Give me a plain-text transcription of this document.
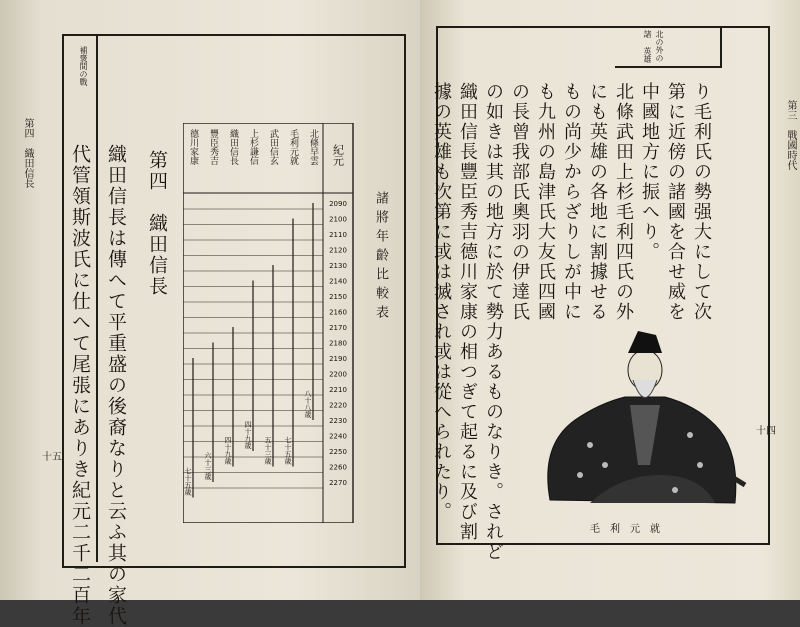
第四　織田信長
十五
補褒間の戰
織田信長は傳へて平重盛の後裔なりと云ふ其の家代
代管領斯波氏に仕へて尾張にありき紀元二千二百年	第四　織田信長	諸將年齡比較表
紀元
2090
2100
2110
2120
2130
2140
2150
2160
2170
2180
2190
2200
2210
2220
2230
2240
2250
2260
2270
北條早雲
毛利元就
武田信玄
上杉謙信
織田信長
豐臣秀吉
德川家康
八十八歳
七十五歳
五十三歳
四十九歳
四十九歳
六十三歳
七十五歳
第三　戰國時代
十四
北の外の諸 英雄
り毛利氏の勢强大にして次
第に近傍の諸國を合せ威を
中國地方に振へり。
北條武田上杉毛利四氏の外
にも英雄の各地に割據せる
もの尚少からざりしが中に
も九州の島津氏大友氏四國
の長曾我部氏奧羽の伊達氏
の如きは其の地方に於て勢力あるものなりき。されど
織田信長豐臣秀吉德川家康の相つぎて起るに及び割
據の英雄も次第に或は滅され或は從へられたり。
毛利元就
